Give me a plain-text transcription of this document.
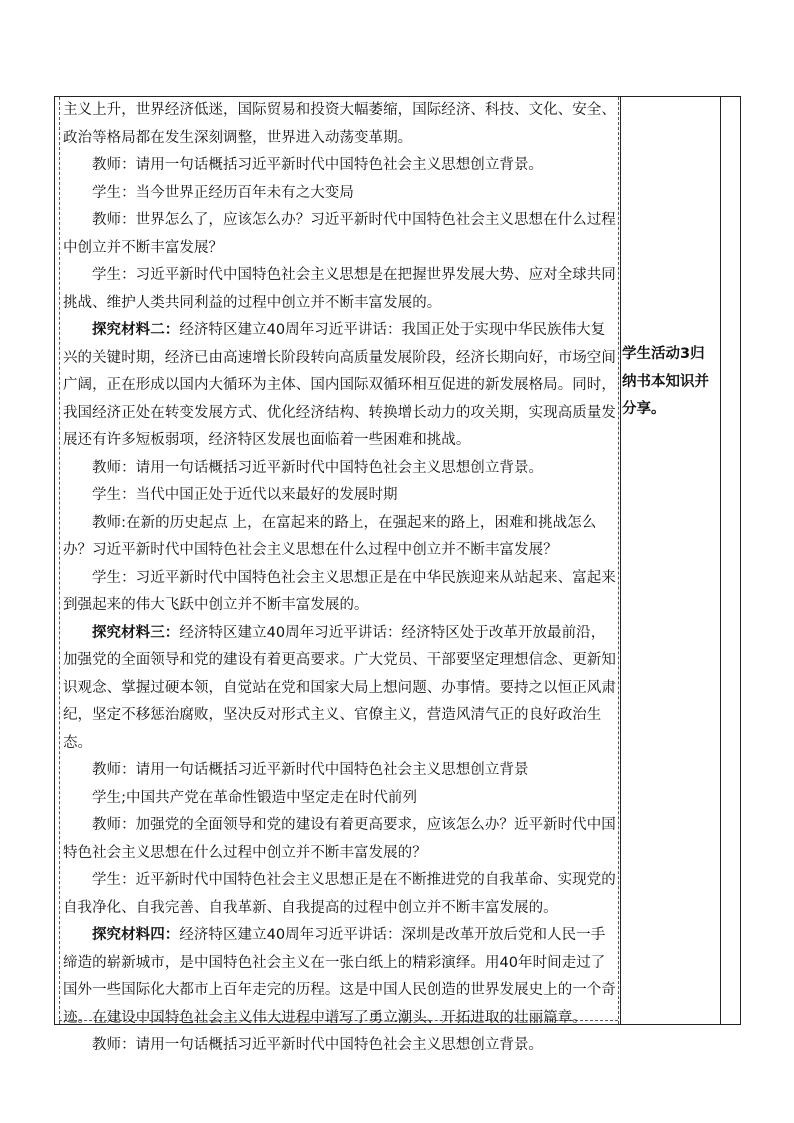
主义上升，世界经济低迷，国际贸易和投资大幅萎缩，国际经济、科技、文化、安全、政治等格局都在发生深刻调整，世界进入动荡变革期。

教师：请用一句话概括习近平新时代中国特色社会主义思想创立背景。

学生：当今世界正经历百年未有之大变局

教师：世界怎么了，应该怎么办？习近平新时代中国特色社会主义思想在什么过程中创立并不断丰富发展？

学生：习近平新时代中国特色社会主义思想是在把握世界发展大势、应对全球共同挑战、维护人类共同利益的过程中创立并不断丰富发展的。

探究材料二：经济特区建立40周年习近平讲话：我国正处于实现中华民族伟大复兴的关键时期，经济已由高速增长阶段转向高质量发展阶段，经济长期向好，市场空间广阔，正在形成以国内大循环为主体、国内国际双循环相互促进的新发展格局。同时，我国经济正处在转变发展方式、优化经济结构、转换增长动力的攻关期，实现高质量发展还有许多短板弱项，经济特区发展也面临着一些困难和挑战。

教师：请用一句话概括习近平新时代中国特色社会主义思想创立背景。

学生：当代中国正处于近代以来最好的发展时期

教师:在新的历史起点 上，在富起来的路上，在强起来的路上，困难和挑战怎么办？习近平新时代中国特色社会主义思想在什么过程中创立并不断丰富发展？

学生：习近平新时代中国特色社会主义思想正是在中华民族迎来从站起来、富起来到强起来的伟大飞跃中创立并不断丰富发展的。

探究材料三：经济特区建立40周年习近平讲话：经济特区处于改革开放最前沿，加强党的全面领导和党的建设有着更高要求。广大党员、干部要坚定理想信念、更新知识观念、掌握过硬本领，自觉站在党和国家大局上想问题、办事情。要持之以恒正风肃纪，坚定不移惩治腐败，坚决反对形式主义、官僚主义，营造风清气正的良好政治生态。

教师：请用一句话概括习近平新时代中国特色社会主义思想创立背景

学生;中国共产党在革命性锻造中坚定走在时代前列

教师：加强党的全面领导和党的建设有着更高要求，应该怎么办？近平新时代中国特色社会主义思想在什么过程中创立并不断丰富发展的？

学生：近平新时代中国特色社会主义思想正是在不断推进党的自我革命、实现党的自我净化、自我完善、自我革新、自我提高的过程中创立并不断丰富发展的。

探究材料四：经济特区建立40周年习近平讲话：深圳是改革开放后党和人民一手缔造的崭新城市，是中国特色社会主义在一张白纸上的精彩演绎。用40年时间走过了国外一些国际化大都市上百年走完的历程。这是中国人民创造的世界发展史上的一个奇迹。在建设中国特色社会主义伟大进程中谱写了勇立潮头、开拓进取的壮丽篇章。

教师：请用一句话概括习近平新时代中国特色社会主义思想创立背景。

学生活动3归
纳书本知识并
分享。
